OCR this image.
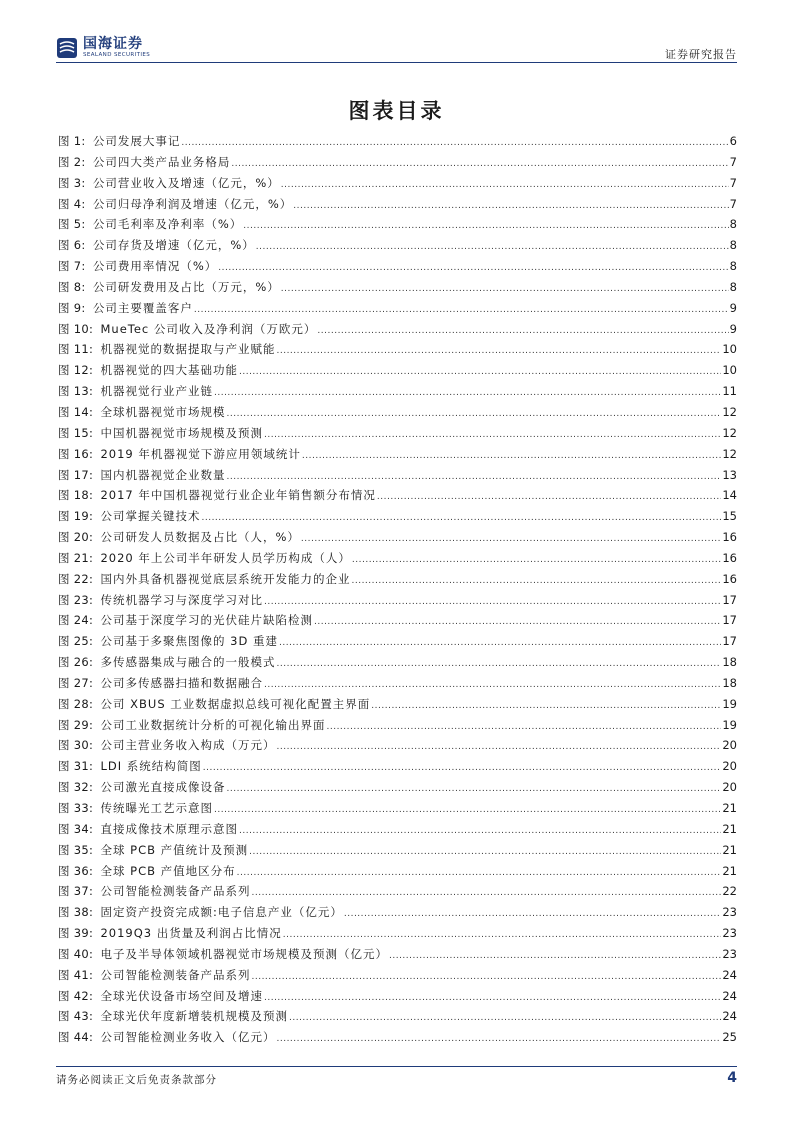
国海证券
SEALAND SECURITIES	证券研究报告
图表目录
图 1: 公司发展大事记 .....	6
图 2: 公司四大类产品业务格局 .....	7
图 3: 公司营业收入及增速（亿元，%） .....	7
图 4: 公司归母净利润及增速（亿元，%） .....	7
图 5: 公司毛利率及净利率（%） .....	8
图 6: 公司存货及增速（亿元，%） .....	8
图 7: 公司费用率情况（%） .....	8
图 8: 公司研发费用及占比（万元，%） .....	8
图 9: 公司主要覆盖客户 .....	9
图 10: MueTec 公司收入及净利润（万欧元） .....	9
图 11: 机器视觉的数据提取与产业赋能 .....	10
图 12: 机器视觉的四大基础功能 .....	10
图 13: 机器视觉行业产业链 .....	11
图 14: 全球机器视觉市场规模 .....	12
图 15: 中国机器视觉市场规模及预测 .....	12
图 16: 2019 年机器视觉下游应用领域统计 .....	12
图 17: 国内机器视觉企业数量 .....	13
图 18: 2017 年中国机器视觉行业企业年销售额分布情况 .....	14
图 19: 公司掌握关键技术 .....	15
图 20: 公司研发人员数据及占比（人，%） .....	16
图 21: 2020 年上公司半年研发人员学历构成（人） .....	16
图 22: 国内外具备机器视觉底层系统开发能力的企业 .....	16
图 23: 传统机器学习与深度学习对比 .....	17
图 24: 公司基于深度学习的光伏硅片缺陷检测 .....	17
图 25: 公司基于多聚焦图像的 3D 重建 .....	17
图 26: 多传感器集成与融合的一般模式 .....	18
图 27: 公司多传感器扫描和数据融合 .....	18
图 28: 公司 XBUS 工业数据虚拟总线可视化配置主界面 .....	19
图 29: 公司工业数据统计分析的可视化输出界面 .....	19
图 30: 公司主营业务收入构成（万元） .....	20
图 31: LDI 系统结构简图 .....	20
图 32: 公司激光直接成像设备 .....	20
图 33: 传统曝光工艺示意图 .....	21
图 34: 直接成像技术原理示意图 .....	21
图 35: 全球 PCB 产值统计及预测 .....	21
图 36: 全球 PCB 产值地区分布 .....	21
图 37: 公司智能检测装备产品系列 .....	22
图 38: 固定资产投资完成额:电子信息产业（亿元） .....	23
图 39: 2019Q3 出货量及利润占比情况 .....	23
图 40: 电子及半导体领域机器视觉市场规模及预测（亿元） .....	23
图 41: 公司智能检测装备产品系列 .....	24
图 42: 全球光伏设备市场空间及增速 .....	24
图 43: 全球光伏年度新增装机规模及预测 .....	24
图 44: 公司智能检测业务收入（亿元） .....	25
请务必阅读正文后免责条款部分	4
